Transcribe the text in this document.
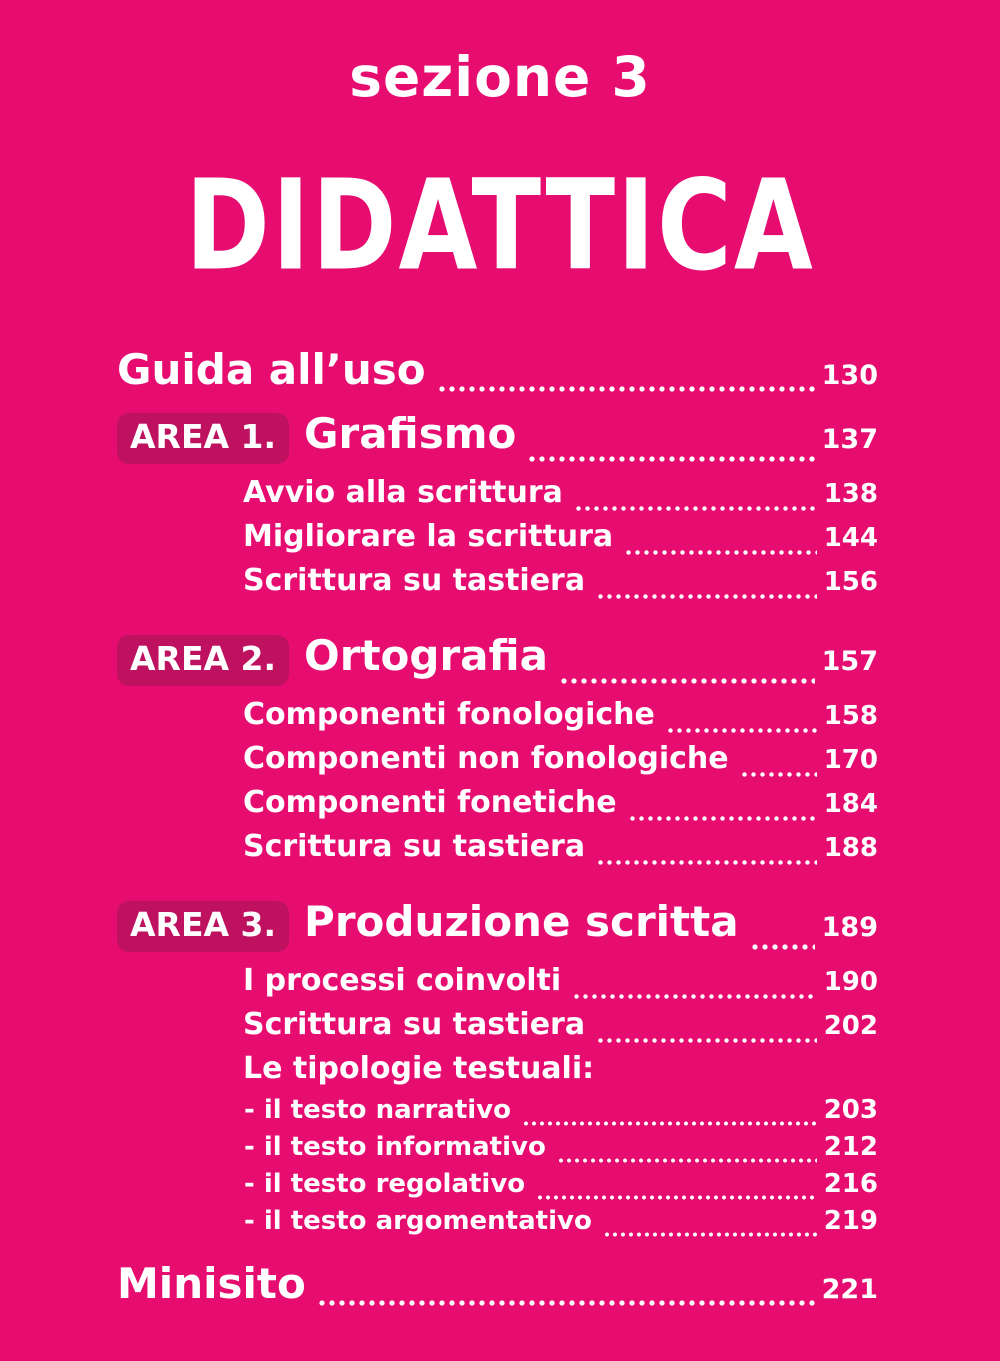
sezione 3
DIDATTICA
Guida all’uso	130
AREA 1. Grafismo	137
Avvio alla scrittura	138
Migliorare la scrittura	144
Scrittura su tastiera	156
AREA 2. Ortografia	157
Componenti fonologiche	158
Componenti non fonologiche	170
Componenti fonetiche	184
Scrittura su tastiera	188
AREA 3. Produzione scritta	189
I processi coinvolti	190
Scrittura su tastiera	202
Le tipologie testuali:
- il testo narrativo	203
- il testo informativo	212
- il testo regolativo	216
- il testo argomentativo	219
Minisito	221
